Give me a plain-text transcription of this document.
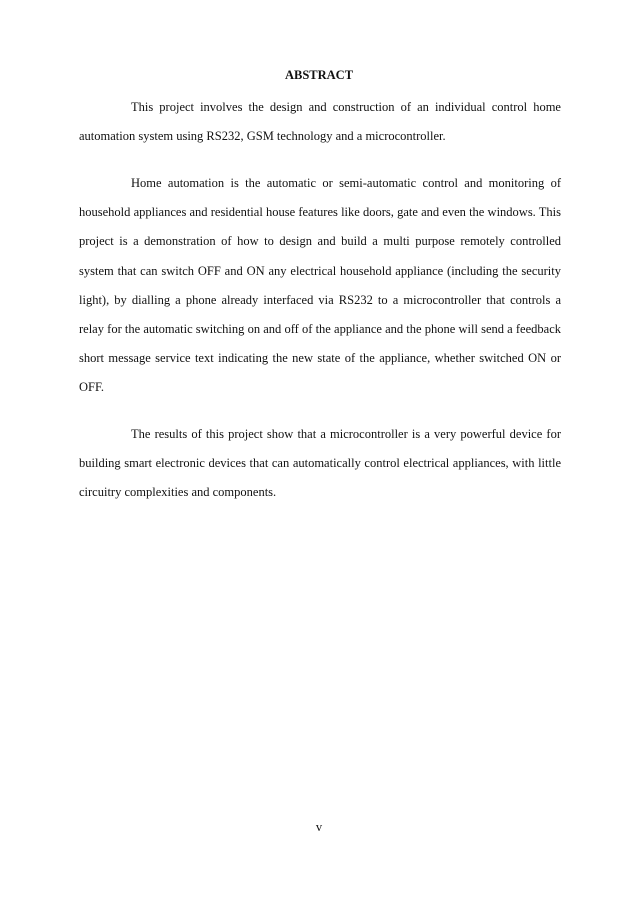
ABSTRACT

This project involves the design and construction of an individual control home automation system using RS232, GSM technology and a microcontroller.

Home automation is the automatic or semi-automatic control and monitoring of household appliances and residential house features like doors, gate and even the windows. This project is a demonstration of how to design and build a multi purpose remotely controlled system that can switch OFF and ON any electrical household appliance (including the security light), by dialling a phone already interfaced via RS232 to a microcontroller that controls a relay for the automatic switching on and off of the appliance and the phone will send a feedback short message service text indicating the new state of the appliance, whether switched ON or OFF.

The results of this project show that a microcontroller is a very powerful device for building smart electronic devices that can automatically control electrical appliances, with little circuitry complexities and components.

v
